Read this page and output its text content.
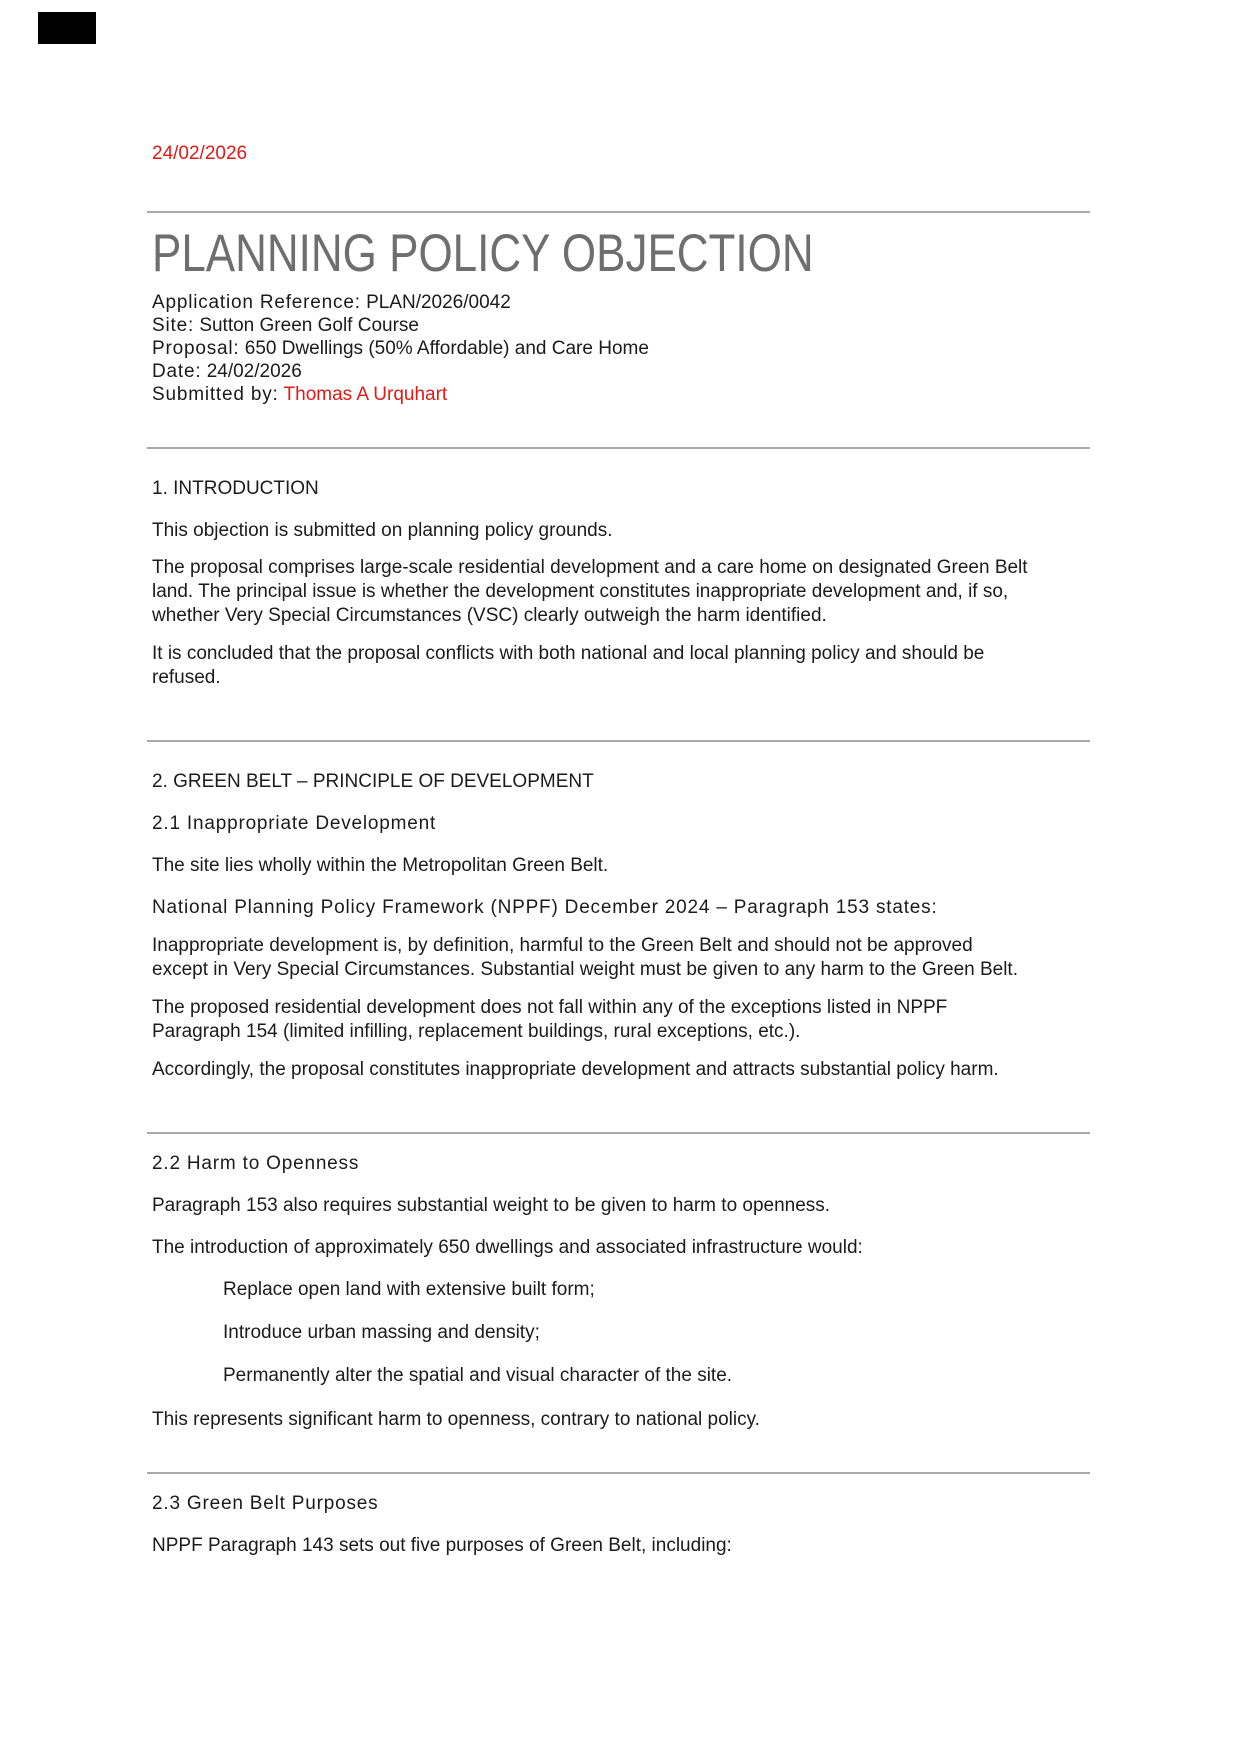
24/02/2026
PLANNING POLICY OBJECTION
Application Reference: PLAN/2026/0042
Site: Sutton Green Golf Course
Proposal: 650 Dwellings (50% Affordable) and Care Home
Date: 24/02/2026
Submitted by: Thomas A Urquhart
1. INTRODUCTION

This objection is submitted on planning policy grounds.

The proposal comprises large-scale residential development and a care home on designated Green Belt land. The principal issue is whether the development constitutes inappropriate development and, if so, whether Very Special Circumstances (VSC) clearly outweigh the harm identified.

It is concluded that the proposal conflicts with both national and local planning policy and should be refused.

2. GREEN BELT – PRINCIPLE OF DEVELOPMENT
2.1 Inappropriate Development

The site lies wholly within the Metropolitan Green Belt.

National Planning Policy Framework (NPPF) December 2024 – Paragraph 153 states:

Inappropriate development is, by definition, harmful to the Green Belt and should not be approved except in Very Special Circumstances. Substantial weight must be given to any harm to the Green Belt.

The proposed residential development does not fall within any of the exceptions listed in NPPF Paragraph 154 (limited infilling, replacement buildings, rural exceptions, etc.).

Accordingly, the proposal constitutes inappropriate development and attracts substantial policy harm.

2.2 Harm to Openness

Paragraph 153 also requires substantial weight to be given to harm to openness.

The introduction of approximately 650 dwellings and associated infrastructure would:

Replace open land with extensive built form;

Introduce urban massing and density;

Permanently alter the spatial and visual character of the site.

This represents significant harm to openness, contrary to national policy.

2.3 Green Belt Purposes

NPPF Paragraph 143 sets out five purposes of Green Belt, including:
